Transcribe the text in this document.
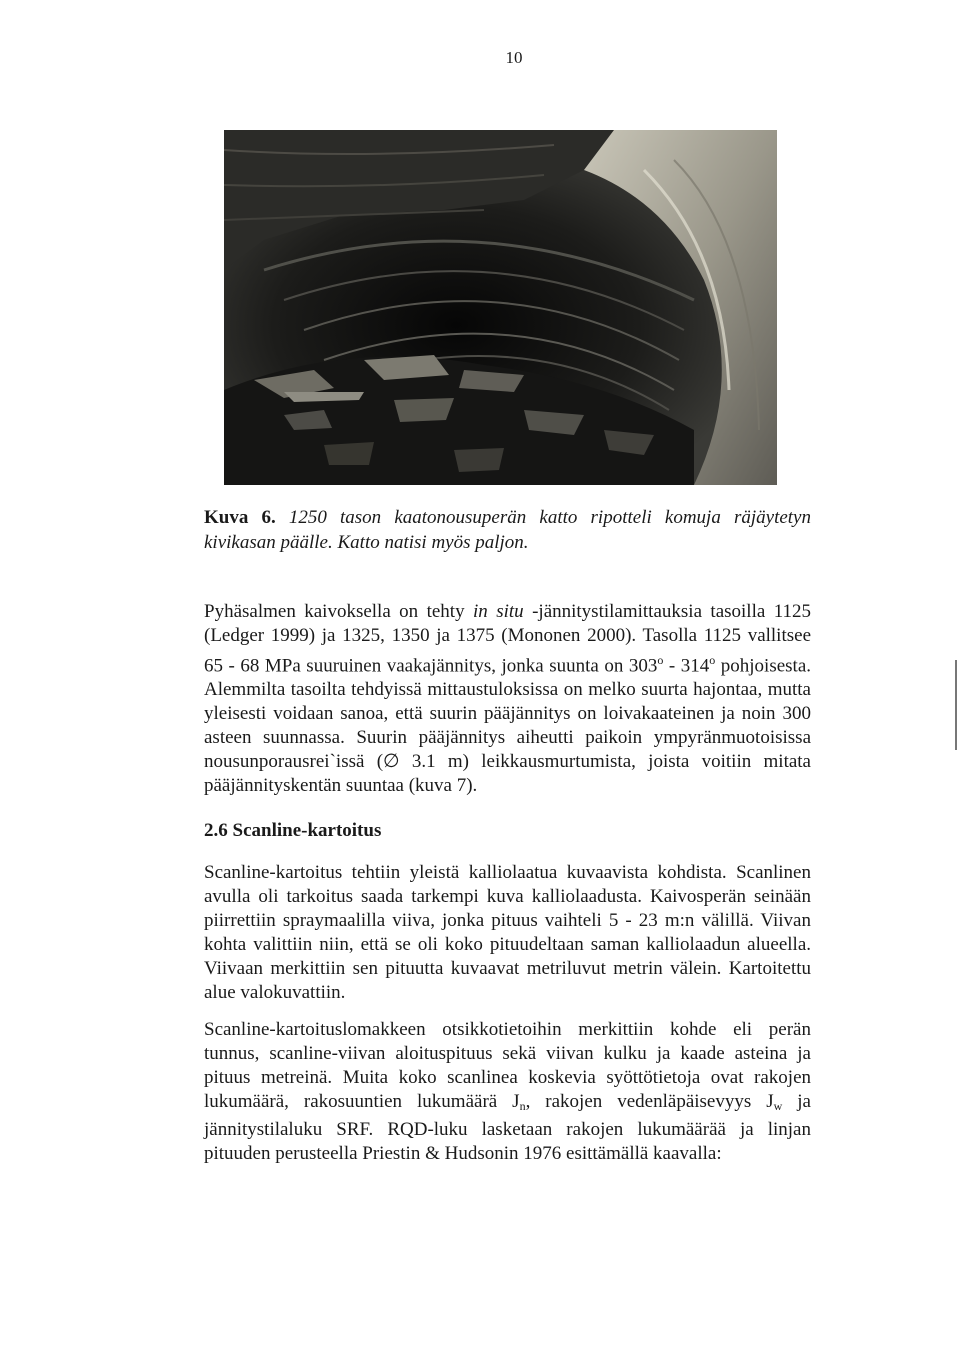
10
Kuva 6. 1250 tason kaatonousuperän katto ripotteli komuja räjäytetyn kivikasan päälle. Katto natisi myös paljon.
Pyhäsalmen kaivoksella on tehty in situ -jännitystilamittauksia tasoilla 1125 (Ledger 1999) ja 1325, 1350 ja 1375 (Mononen 2000). Tasolla 1125 vallitsee 65 - 68 MPa suuruinen vaakajännitys, jonka suunta on 303$^o$ - 314$^o$ pohjoisesta. Alemmilta tasoilta tehdyissä mittaustuloksissa on melko suurta hajontaa, mutta yleisesti voidaan sanoa, että suurin pääjännitys on loivakaateinen ja noin 300 asteen suunnassa. Suurin pääjännitys aiheutti paikoin ympyränmuotoisissa nousunporausrei`issä (∅ 3.1 m) leikkausmurtumista, joista voitiin mitata pääjännityskentän suuntaa (kuva 7).
2.6 Scanline-kartoitus
Scanline-kartoitus tehtiin yleistä kalliolaatua kuvaavista kohdista. Scanlinen avulla oli tarkoitus saada tarkempi kuva kalliolaadusta. Kaivosperän seinään piirrettiin spraymaalilla viiva, jonka pituus vaihteli 5 - 23 m:n välillä. Viivan kohta valittiin niin, että se oli koko pituudeltaan saman kalliolaadun alueella. Viivaan merkittiin sen pituutta kuvaavat metriluvut metrin välein. Kartoitettu alue valokuvattiin.
Scanline-kartoituslomakkeen otsikkotietoihin merkittiin kohde eli perän tunnus, scanline-viivan aloituspituus sekä viivan kulku ja kaade asteina ja pituus metreinä. Muita koko scanlinea koskevia syöttötietoja ovat rakojen lukumäärä, rakosuuntien lukumäärä $J_n$, rakojen vedenläpäisevyys $J_w$ ja jännitystilaluku SRF. RQD-luku lasketaan rakojen lukumäärää ja linjan pituuden perusteella Priestin & Hudsonin 1976 esittämällä kaavalla:
